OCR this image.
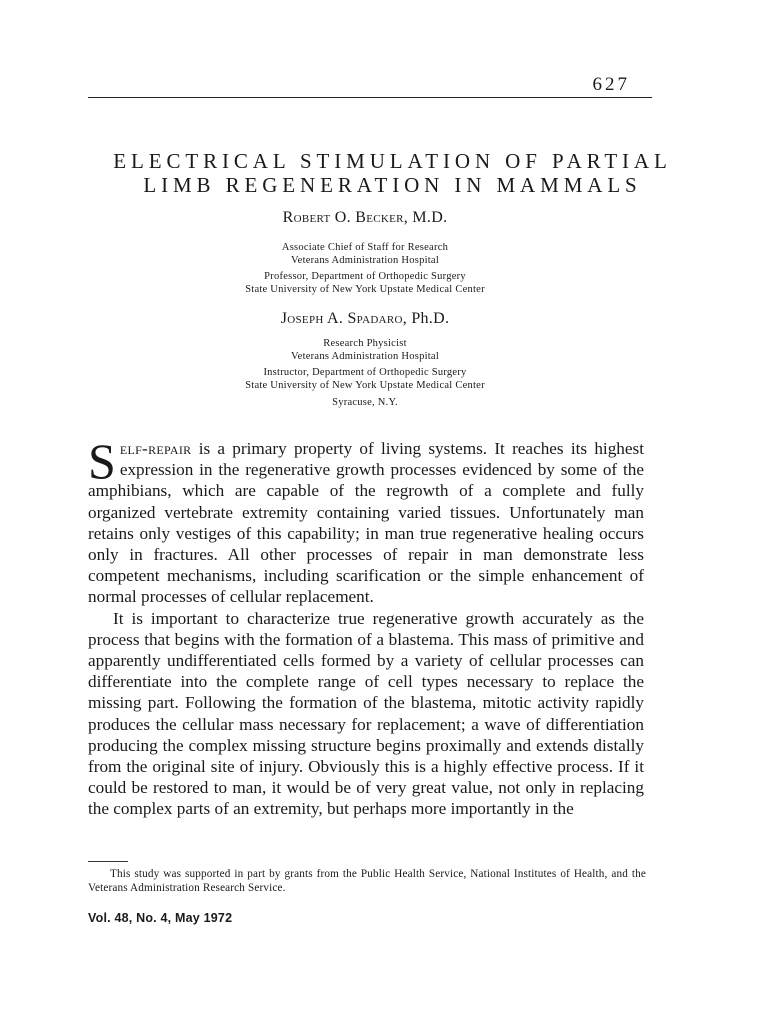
627
ELECTRICAL STIMULATION OF PARTIAL
LIMB REGENERATION IN MAMMALS
Robert O. Becker, M.D.

Associate Chief of Staff for Research

Veterans Administration Hospital

Professor, Department of Orthopedic Surgery

State University of New York Upstate Medical Center

Joseph A. Spadaro, Ph.D.

Research Physicist

Veterans Administration Hospital

Instructor, Department of Orthopedic Surgery

State University of New York Upstate Medical Center

Syracuse, N.Y.

Self-repair is a primary property of living systems. It reaches its highest expression in the regenerative growth processes evidenced by some of the amphibians, which are capable of the regrowth of a complete and fully organized vertebrate extremity containing varied tissues. Unfortunately man retains only vestiges of this capability; in man true regenerative healing occurs only in fractures. All other processes of repair in man demonstrate less competent mechanisms, including scarification or the simple enhancement of normal processes of cellular replacement.

It is important to characterize true regenerative growth accurately as the process that begins with the formation of a blastema. This mass of primitive and apparently undifferentiated cells formed by a variety of cellular processes can differentiate into the complete range of cell types necessary to replace the missing part. Following the formation of the blastema, mitotic activity rapidly produces the cellular mass necessary for replacement; a wave of differentiation producing the complex missing structure begins proximally and extends distally from the original site of injury. Obviously this is a highly effective process. If it could be restored to man, it would be of very great value, not only in replacing the complex parts of an extremity, but perhaps more importantly in the

This study was supported in part by grants from the Public Health Service, National Institutes of Health, and the Veterans Administration Research Service.
Vol. 48, No. 4, May 1972
